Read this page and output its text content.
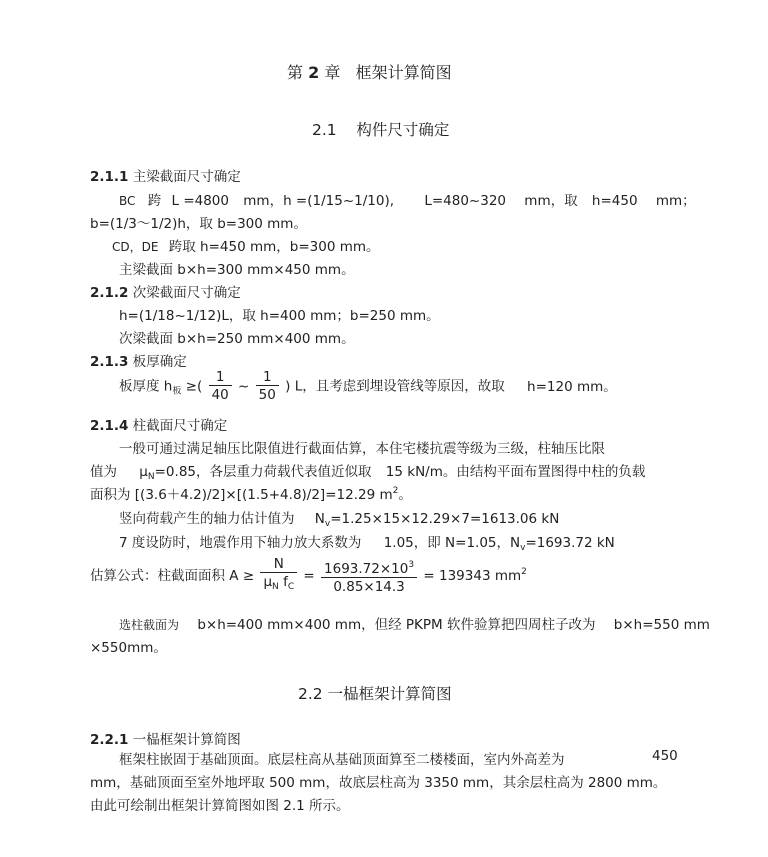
第 2 章 框架计算简图
2.1 构件尺寸确定
2.1.1 主梁截面尺寸确定
BC 跨 L =4800 mm，h =(1/15~1/10), L=480~320 mm，取 h=450 mm；
b=(1/3～1/2)h，取 b=300 mm。
CD，DE 跨取 h=450 mm，b=300 mm。
主梁截面 b×h=300 mm×450 mm。
2.1.2 次梁截面尺寸确定
h=(1/18~1/12)L，取 h=400 mm；b=250 mm。
次梁截面 b×h=250 mm×400 mm。
2.1.3 板厚确定
板厚度 $h_板$ ≥( $\frac{1}{40}$ ~ $\frac{1}{50}$ ) L，且考虑到埋设管线等原因，故取 h=120 mm。
2.1.4 柱截面尺寸确定
一般可通过满足轴压比限值进行截面估算，本住宅楼抗震等级为三级，柱轴压比限
值为 $\mu_N=0.85$，各层重力荷载代表值近似取 15 kN/m。由结构平面布置图得中柱的负载
面积为 [(3.6＋4.2)/2]×[(1.5+4.8)/2]=12.29 $m^2$。
竖向荷载产生的轴力估计值为 $N_v=1.25\times 15\times 12.29\times 7=1613.06$ kN
7 度设防时，地震作用下轴力放大系数为 1.05，即 N=1.05，$N_v=1693.72$ kN
估算公式：柱截面面积 $A \ge \frac{N}{\mu_N f_C} = \frac{1693.72\times 10^3}{0.85\times 14.3} = 139343$ $mm^2$
选柱截面为 b×h=400 mm×400 mm，但经 PKPM 软件验算把四周柱子改为 b×h=550 mm
×550mm。
2.2 一榀框架计算简图
2.2.1 一榀框架计算简图
框架柱嵌固于基础顶面。底层柱高从基础顶面算至二楼楼面，室内外高差为	450
mm，基础顶面至室外地坪取 500 mm，故底层柱高为 3350 mm，其余层柱高为 2800 mm。
由此可绘制出框架计算简图如图 2.1 所示。
